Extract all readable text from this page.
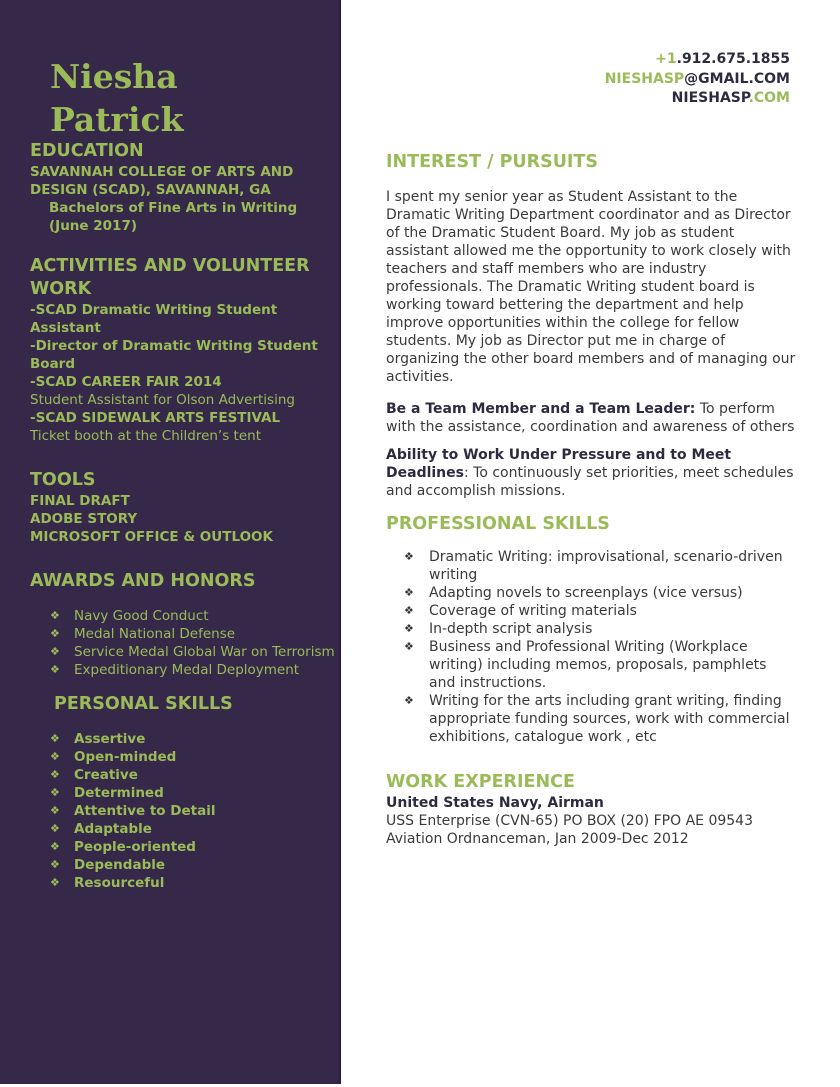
Niesha
Patrick
EDUCATION
SAVANNAH COLLEGE OF ARTS AND DESIGN (SCAD), SAVANNAH, GA
Bachelors of Fine Arts in Writing (June 2017)
ACTIVITIES AND VOLUNTEER WORK
-SCAD Dramatic Writing Student Assistant
-Director of Dramatic Writing Student Board
-SCAD CAREER FAIR 2014
Student Assistant for Olson Advertising
-SCAD SIDEWALK ARTS FESTIVAL
Ticket booth at the Children’s tent
TOOLS
FINAL DRAFT
ADOBE STORY
MICROSOFT OFFICE & OUTLOOK
AWARDS AND HONORS
❖ Navy Good Conduct
❖ Medal National Defense
❖ Service Medal Global War on Terrorism
❖ Expeditionary Medal Deployment
PERSONAL SKILLS
❖ Assertive
❖ Open-minded
❖ Creative
❖ Determined
❖ Attentive to Detail
❖ Adaptable
❖ People-oriented
❖ Dependable
❖ Resourceful
+1.912.675.1855
NIESHASP@GMAIL.COM
NIESHASP.COM
INTEREST / PURSUITS
I spent my senior year as Student Assistant to the Dramatic Writing Department coordinator and as Director of the Dramatic Student Board. My job as student assistant allowed me the opportunity to work closely with teachers and staff members who are industry professionals. The Dramatic Writing student board is working toward bettering the department and help improve opportunities within the college for fellow students. My job as Director put me in charge of organizing the other board members and of managing our activities.
Be a Team Member and a Team Leader: To perform with the assistance, coordination and awareness of others
Ability to Work Under Pressure and to Meet Deadlines: To continuously set priorities, meet schedules and accomplish missions.
PROFESSIONAL SKILLS
❖ Dramatic Writing: improvisational, scenario-driven writing
❖ Adapting novels to screenplays (vice versus)
❖ Coverage of writing materials
❖ In-depth script analysis
❖ Business and Professional Writing (Workplace writing) including memos, proposals, pamphlets and instructions.
❖ Writing for the arts including grant writing, finding appropriate funding sources, work with commercial exhibitions, catalogue work , etc
WORK EXPERIENCE
United States Navy, Airman
USS Enterprise (CVN-65) PO BOX (20) FPO AE 09543
Aviation Ordnanceman, Jan 2009-Dec 2012
